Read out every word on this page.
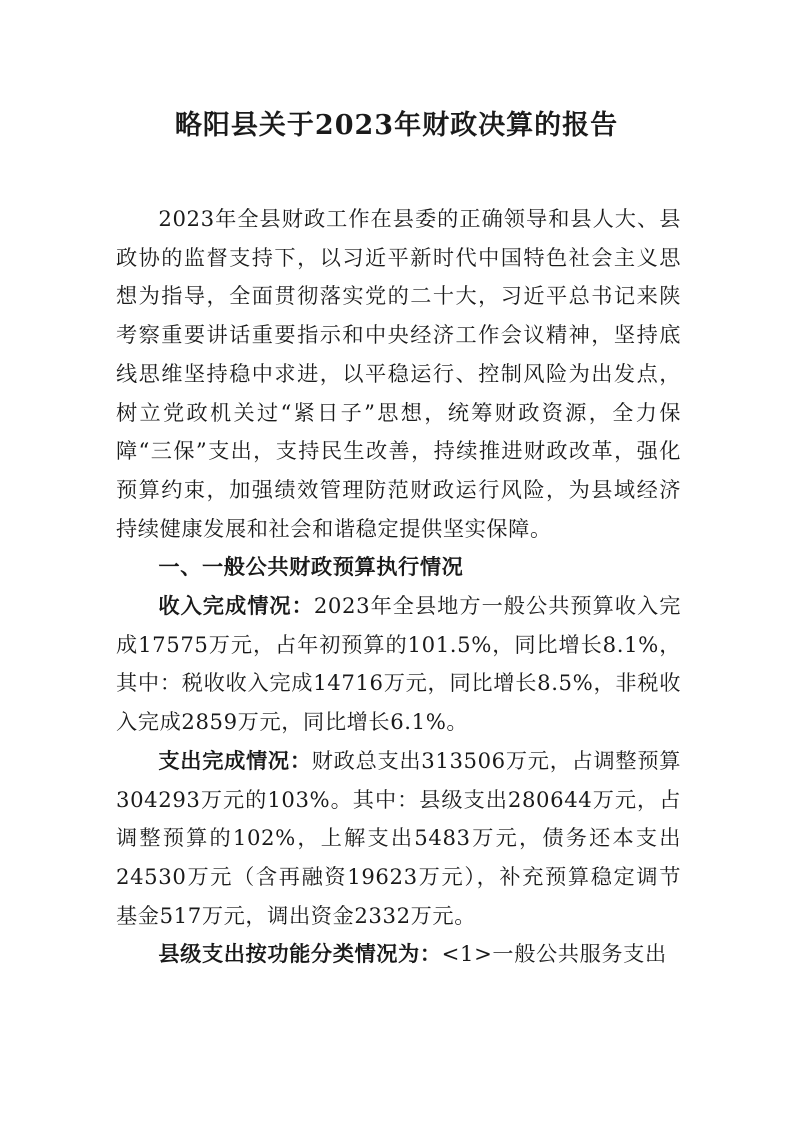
略阳县关于2023年财政决算的报告

2023年全县财政工作在县委的正确领导和县人大、县政协的监督支持下，以习近平新时代中国特色社会主义思想为指导，全面贯彻落实党的二十大，习近平总书记来陕考察重要讲话重要指示和中央经济工作会议精神，坚持底线思维坚持稳中求进，以平稳运行、控制风险为出发点，树立党政机关过“紧日子”思想，统筹财政资源，全力保障“三保”支出，支持民生改善，持续推进财政改革，强化预算约束，加强绩效管理防范财政运行风险，为县域经济持续健康发展和社会和谐稳定提供坚实保障。

一、一般公共财政预算执行情况

收入完成情况：2023年全县地方一般公共预算收入完成17575万元，占年初预算的101.5%，同比增长8.1%，其中：税收收入完成14716万元，同比增长8.5%，非税收入完成2859万元，同比增长6.1%。

支出完成情况：财政总支出313506万元，占调整预算304293万元的103%。其中：县级支出280644万元，占调整预算的102%，上解支出5483万元，债务还本支出24530万元（含再融资19623万元），补充预算稳定调节基金517万元，调出资金2332万元。

县级支出按功能分类情况为：<1>一般公共服务支出
